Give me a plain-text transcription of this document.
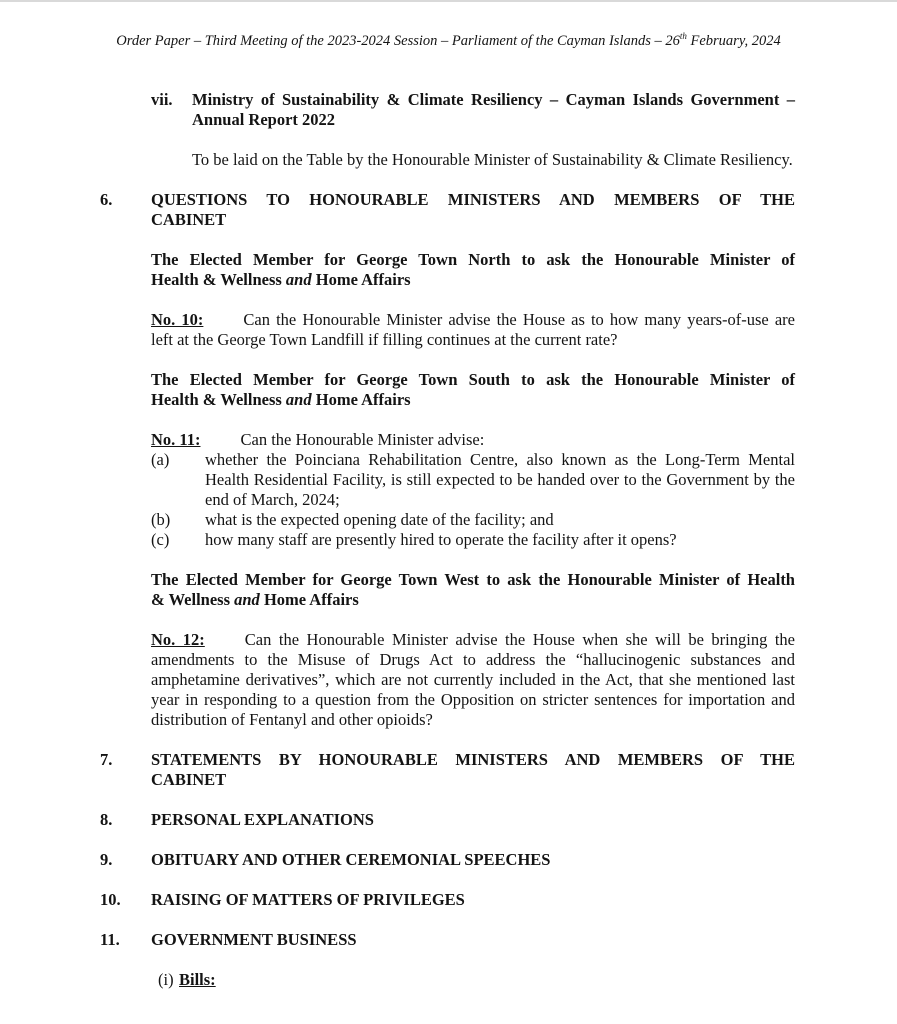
Order Paper – Third Meeting of the 2023-2024 Session – Parliament of the Cayman Islands – 26th February, 2024
vii.	Ministry of Sustainability & Climate Resiliency – Cayman Islands Government –
Annual Report 2022
To be laid on the Table by the Honourable Minister of Sustainability & Climate Resiliency.
6.	QUESTIONS TO HONOURABLE MINISTERS AND MEMBERS OF THE
CABINET
The Elected Member for George Town North to ask the Honourable Minister of
Health & Wellness and Home Affairs
No. 10: Can the Honourable Minister advise the House as to how many years-of-use are left at the George Town Landfill if filling continues at the current rate?
The Elected Member for George Town South to ask the Honourable Minister of
Health & Wellness and Home Affairs
No. 11: Can the Honourable Minister advise:
(a)	whether the Poinciana Rehabilitation Centre, also known as the Long-Term Mental Health Residential Facility, is still expected to be handed over to the Government by the end of March, 2024;
(b)	what is the expected opening date of the facility; and
(c)	how many staff are presently hired to operate the facility after it opens?
The Elected Member for George Town West to ask the Honourable Minister of Health
& Wellness and Home Affairs
No. 12: Can the Honourable Minister advise the House when she will be bringing the amendments to the Misuse of Drugs Act to address the “hallucinogenic substances and amphetamine derivatives”, which are not currently included in the Act, that she mentioned last year in responding to a question from the Opposition on stricter sentences for importation and distribution of Fentanyl and other opioids?
7.	STATEMENTS BY HONOURABLE MINISTERS AND MEMBERS OF THE
CABINET
8.	PERSONAL EXPLANATIONS
9.	OBITUARY AND OTHER CEREMONIAL SPEECHES
10.	RAISING OF MATTERS OF PRIVILEGES
11.	GOVERNMENT BUSINESS
(i) Bills:
